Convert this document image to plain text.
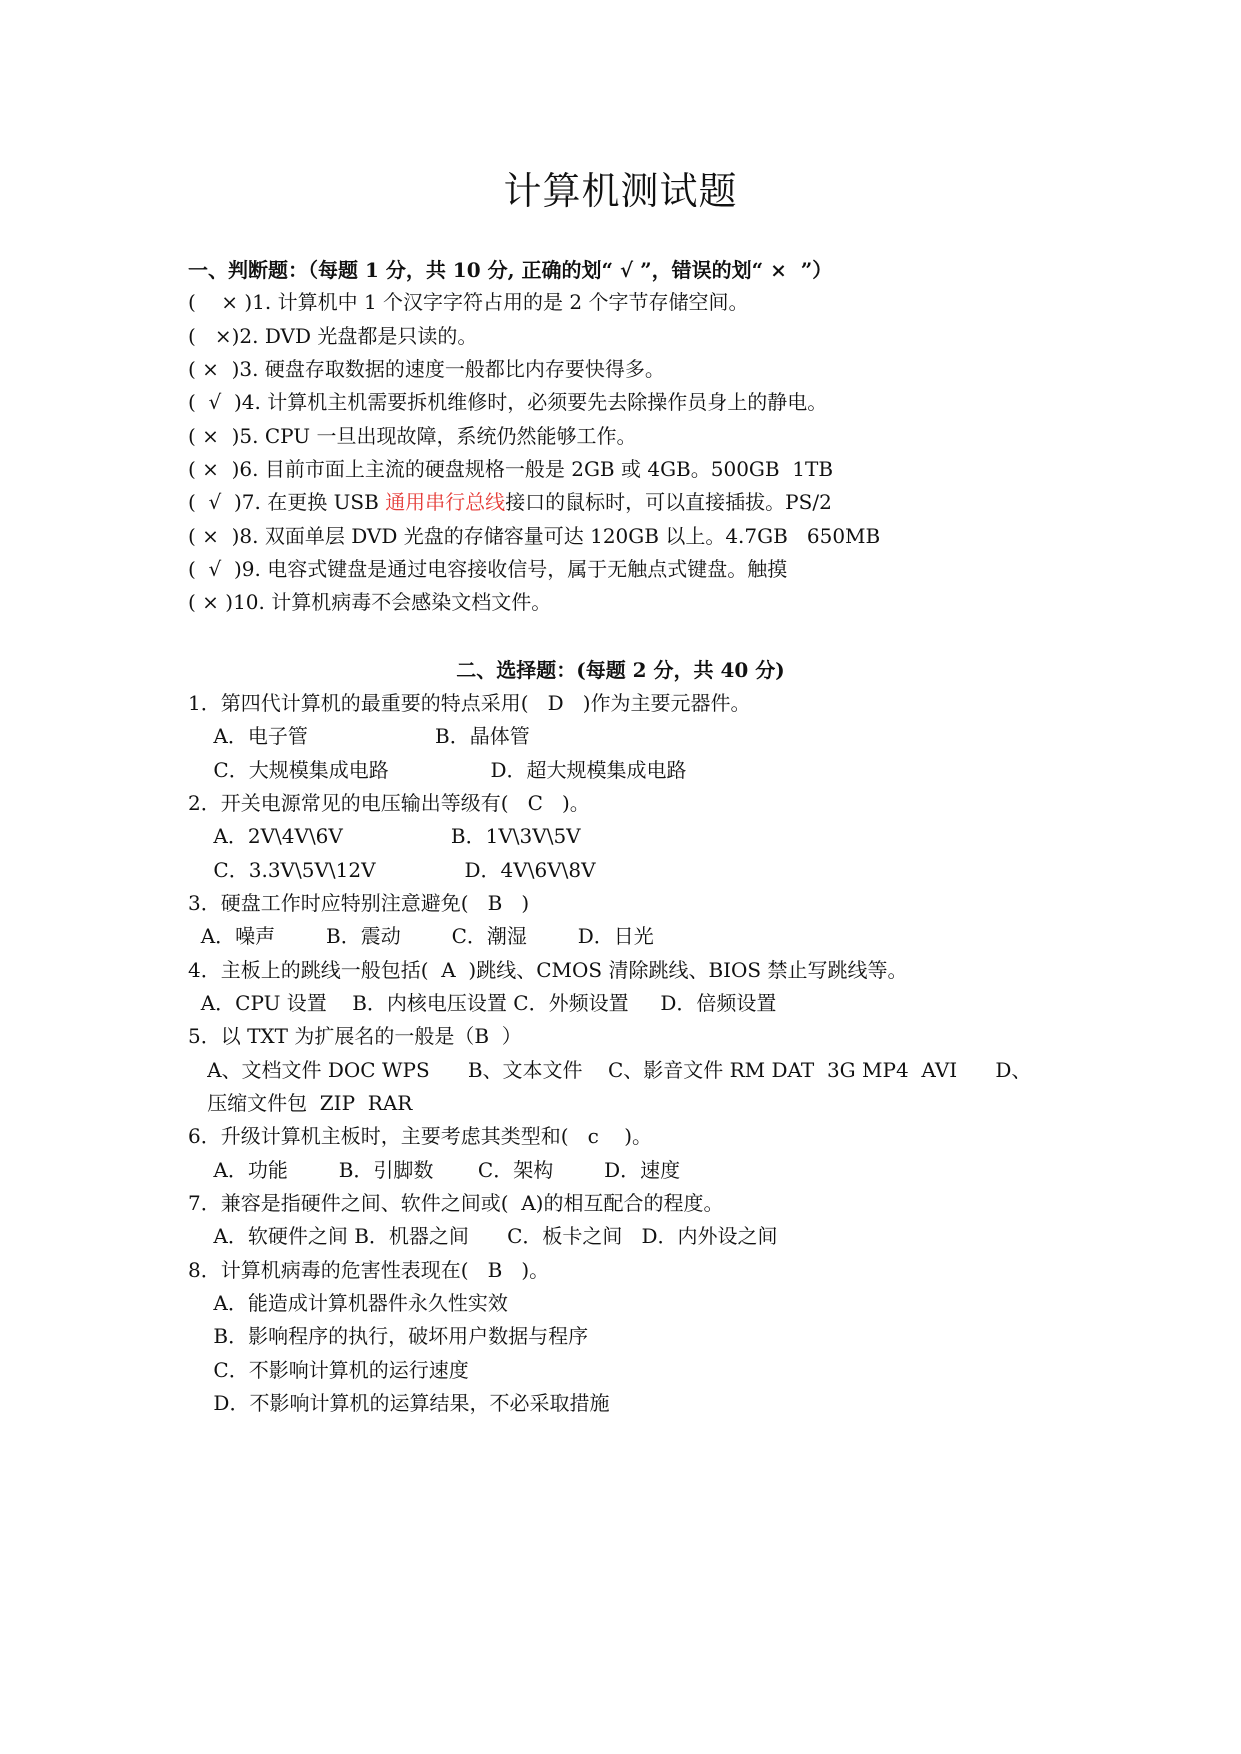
计算机测试题
一、判断题：（每题 1 分，共 10 分, 正确的划“ √ ”，错误的划“ ×  ”）
(    × )1. 计算机中 1 个汉字字符占用的是 2 个字节存储空间。
(   ×)2. DVD 光盘都是只读的。
( ×  )3. 硬盘存取数据的速度一般都比内存要快得多。
(  √  )4. 计算机主机需要拆机维修时，必须要先去除操作员身上的静电。
( ×  )5. CPU 一旦出现故障，系统仍然能够工作。
( ×  )6. 目前市面上主流的硬盘规格一般是 2GB 或 4GB。500GB  1TB
(  √  )7. 在更换 USB 通用串行总线接口的鼠标时，可以直接插拔。PS/2
( ×  )8. 双面单层 DVD 光盘的存储容量可达 120GB 以上。4.7GB   650MB
(  √  )9. 电容式键盘是通过电容接收信号，属于无触点式键盘。触摸
( × )10. 计算机病毒不会感染文档文件。
二、选择题：(每题 2 分，共 40 分)
1．第四代计算机的最重要的特点采用(   D   )作为主要元器件。
A．电子管                    B．晶体管
C．大规模集成电路                D．超大规模集成电路
2．开关电源常见的电压输出等级有(   C   )。
A．2V\4V\6V                 B．1V\3V\5V
C．3.3V\5V\12V              D．4V\6V\8V
3．硬盘工作时应特别注意避免(   B   )
A．噪声        B．震动        C．潮湿        D．日光
4．主板上的跳线一般包括(  A  )跳线、CMOS 清除跳线、BIOS 禁止写跳线等。
A．CPU 设置    B．内核电压设置 C．外频设置     D．倍频设置
5．以 TXT 为扩展名的一般是（B  ）
A、文档文件 DOC WPS      B、文本文件    C、影音文件 RM DAT  3G MP4  AVI      D、
压缩文件包  ZIP  RAR
6．升级计算机主板时，主要考虑其类型和(   c    )。
A．功能        B．引脚数       C．架构        D．速度
7．兼容是指硬件之间、软件之间或(  A)的相互配合的程度。
A．软硬件之间 B．机器之间      C．板卡之间   D．内外设之间
8．计算机病毒的危害性表现在(   B   )。
A．能造成计算机器件永久性实效
B．影响程序的执行，破坏用户数据与程序
C．不影响计算机的运行速度
D．不影响计算机的运算结果，不必采取措施
